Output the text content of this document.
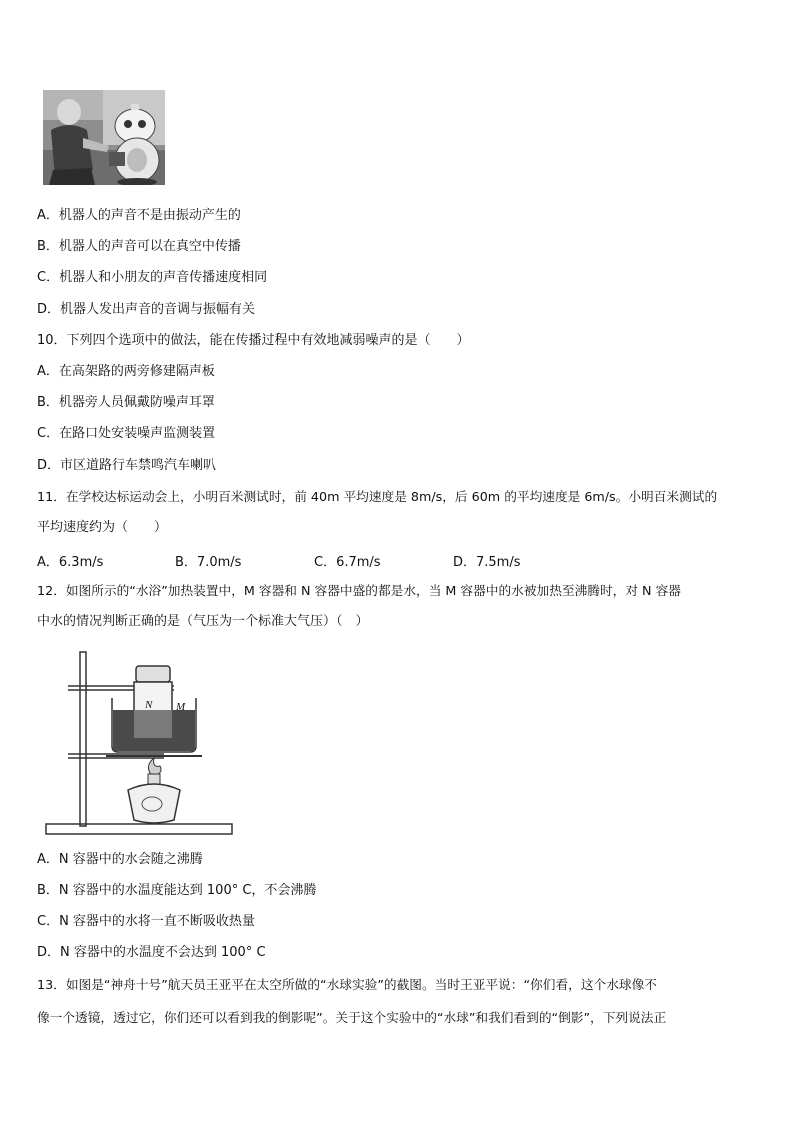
A．机器人的声音不是由振动产生的

B．机器人的声音可以在真空中传播

C．机器人和小朋友的声音传播速度相同

D．机器人发出声音的音调与振幅有关

10．下列四个选项中的做法，能在传播过程中有效地减弱噪声的是（　　）

A．在高架路的两旁修建隔声板

B．机器旁人员佩戴防噪声耳罩

C．在路口处安装噪声监测装置

D．市区道路行车禁鸣汽车喇叭

11．在学校达标运动会上，小明百米测试时，前 40m 平均速度是 8m/s，后 60m 的平均速度是 6m/s。小明百米测试的

平均速度约为（　　）

A．6.3m/s	B．7.0m/s	C．6.7m/s	D．7.5m/s

12．如图所示的“水浴”加热装置中，M 容器和 N 容器中盛的都是水，当 M 容器中的水被加热至沸腾时，对 N 容器

中水的情况判断正确的是（气压为一个标准大气压）（　）

N M

A．N 容器中的水会随之沸腾

B．N 容器中的水温度能达到 100° C，不会沸腾

C．N 容器中的水将一直不断吸收热量

D．N 容器中的水温度不会达到 100° C

13．如图是“神舟十号”航天员王亚平在太空所做的“水球实验”的截图。当时王亚平说：“你们看，这个水球像不

像一个透镜，透过它，你们还可以看到我的倒影呢”。关于这个实验中的“水球”和我们看到的“倒影”，下列说法正
